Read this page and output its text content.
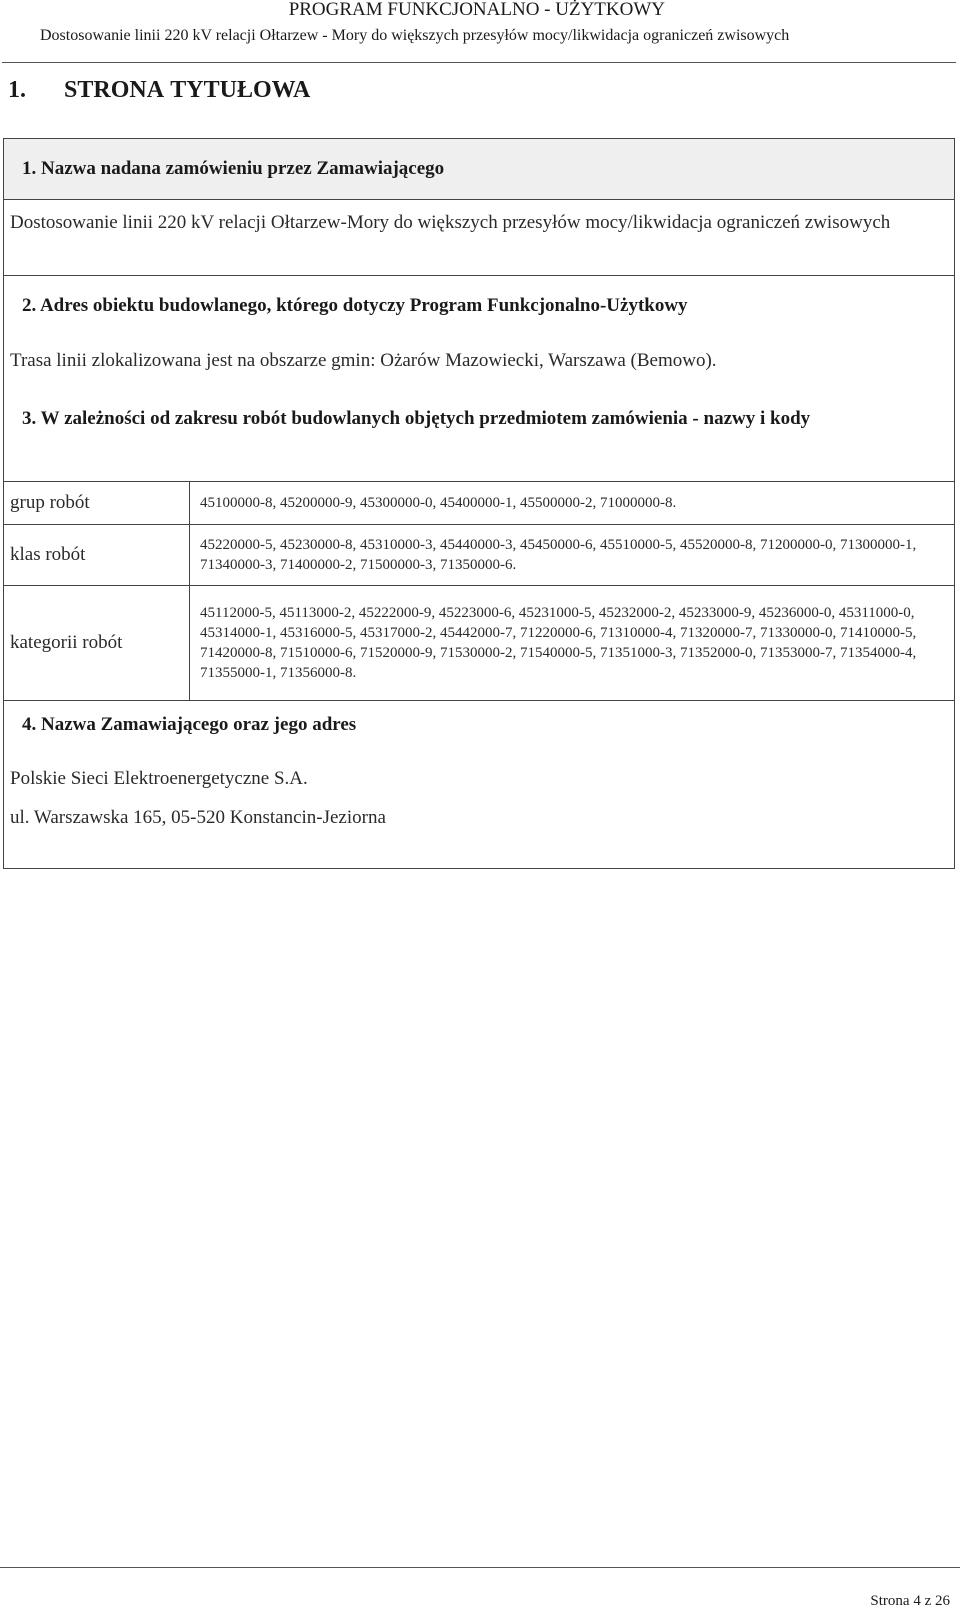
PROGRAM FUNKCJONALNO - UŻYTKOWY
Dostosowanie linii 220 kV relacji Ołtarzew - Mory do większych przesyłów mocy/likwidacja ograniczeń zwisowych
1. STRONA TYTUŁOWA
1. Nazwa nadana zamówieniu przez Zamawiającego
Dostosowanie linii 220 kV relacji Ołtarzew-Mory do większych przesyłów mocy/likwidacja ograniczeń zwisowych
2. Adres obiektu budowlanego, którego dotyczy Program Funkcjonalno-Użytkowy
Trasa linii zlokalizowana jest na obszarze gmin: Ożarów Mazowiecki, Warszawa (Bemowo).
3. W zależności od zakresu robót budowlanych objętych przedmiotem zamówienia - nazwy i kody
grup robót	45100000-8, 45200000-9, 45300000-0, 45400000-1, 45500000-2, 71000000-8.
klas robót	45220000-5, 45230000-8, 45310000-3, 45440000-3, 45450000-6, 45510000-5, 45520000-8, 71200000-0, 71300000-1, 71340000-3, 71400000-2, 71500000-3, 71350000-6.
kategorii robót	45112000-5, 45113000-2, 45222000-9, 45223000-6, 45231000-5, 45232000-2, 45233000-9, 45236000-0, 45311000-0, 45314000-1, 45316000-5, 45317000-2, 45442000-7, 71220000-6, 71310000-4, 71320000-7, 71330000-0, 71410000-5, 71420000-8, 71510000-6, 71520000-9, 71530000-2, 71540000-5, 71351000-3, 71352000-0, 71353000-7, 71354000-4, 71355000-1, 71356000-8.
4. Nazwa Zamawiającego oraz jego adres
Polskie Sieci Elektroenergetyczne S.A.
ul. Warszawska 165, 05-520 Konstancin-Jeziorna
Strona 4 z 26
